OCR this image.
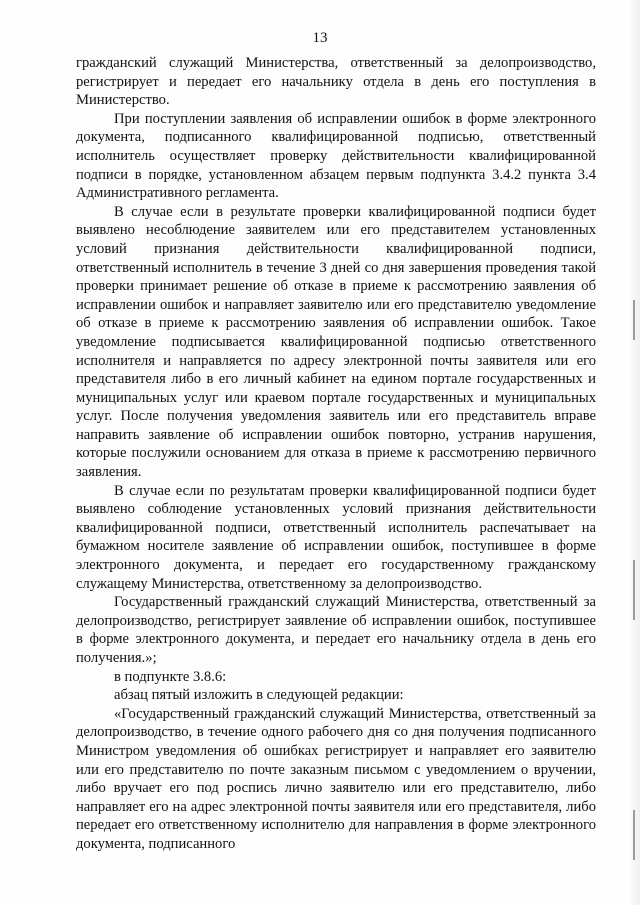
13

гражданский служащий Министерства, ответственный за делопроизводство, регистрирует и передает его начальнику отдела в день его поступления в Министерство.

При поступлении заявления об исправлении ошибок в форме электронного документа, подписанного квалифицированной подписью, ответственный исполнитель осуществляет проверку действительности квалифицированной подписи в порядке, установленном абзацем первым подпункта 3.4.2 пункта 3.4 Административного регламента.

В случае если в результате проверки квалифицированной подписи будет выявлено несоблюдение заявителем или его представителем установленных условий признания действительности квалифицированной подписи, ответственный исполнитель в течение 3 дней со дня завершения проведения такой проверки принимает решение об отказе в приеме к рассмотрению заявления об исправлении ошибок и направляет заявителю или его представителю уведомление об отказе в приеме к рассмотрению заявления об исправлении ошибок. Такое уведомление подписывается квалифицированной подписью ответственного исполнителя и направляется по адресу электронной почты заявителя или его представителя либо в его личный кабинет на едином портале государственных и муниципальных услуг или краевом портале государственных и муниципальных услуг. После получения уведомления заявитель или его представитель вправе направить заявление об исправлении ошибок повторно, устранив нарушения, которые послужили основанием для отказа в приеме к рассмотрению первичного заявления.

В случае если по результатам проверки квалифицированной подписи будет выявлено соблюдение установленных условий признания действительности квалифицированной подписи, ответственный исполнитель распечатывает на бумажном носителе заявление об исправлении ошибок, поступившее в форме электронного документа, и передает его государственному гражданскому служащему Министерства, ответственному за делопроизводство.

Государственный гражданский служащий Министерства, ответственный за делопроизводство, регистрирует заявление об исправлении ошибок, поступившее в форме электронного документа, и передает его начальнику отдела в день его получения.»;

в подпункте 3.8.6:

абзац пятый изложить в следующей редакции:

«Государственный гражданский служащий Министерства, ответственный за делопроизводство, в течение одного рабочего дня со дня получения подписанного Министром уведомления об ошибках регистрирует и направляет его заявителю или его представителю по почте заказным письмом с уведомлением о вручении, либо вручает его под роспись лично заявителю или его представителю, либо направляет его на адрес электронной почты заявителя или его представителя, либо передает его ответственному исполнителю для направления в форме электронного документа, подписанного
